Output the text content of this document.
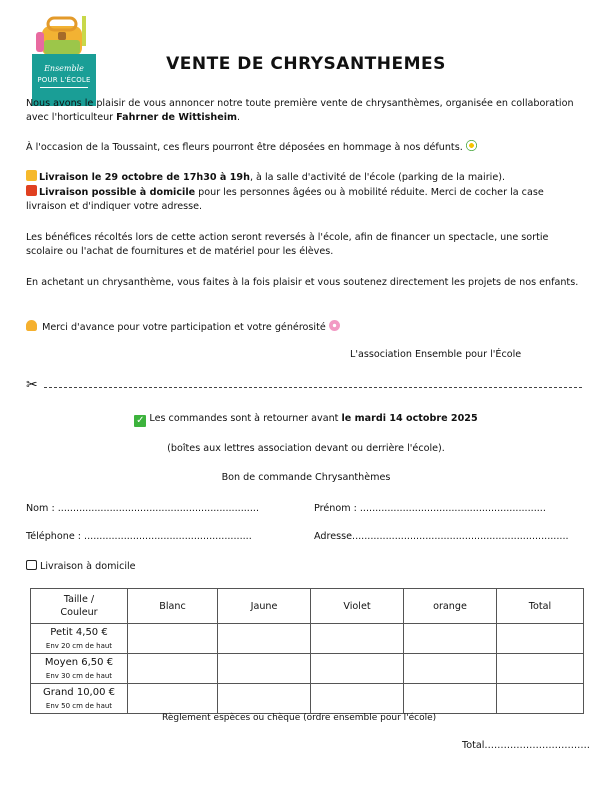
Ensemble
POUR L'ÉCOLE
VENTE DE CHRYSANTHEMES
Nous avons le plaisir de vous annoncer notre toute première vente de chrysanthèmes, organisée en collaboration avec l'horticulteur Fahrner de Wittisheim.
À l'occasion de la Toussaint, ces fleurs pourront être déposées en hommage à nos défunts.
Livraison le 29 octobre de 17h30 à 19h, à la salle d'activité de l'école (parking de la mairie).
Livraison possible à domicile pour les personnes âgées ou à mobilité réduite. Merci de cocher la case livraison et d'indiquer votre adresse.
Les bénéfices récoltés lors de cette action seront reversés à l'école, afin de financer un spectacle, une sortie scolaire ou l'achat de fournitures et de matériel pour les élèves.
En achetant un chrysanthème, vous faites à la fois plaisir et vous soutenez directement les projets de nos enfants.
Merci d'avance pour votre participation et votre générosité
L'association Ensemble pour l'École
✂
✓ Les commandes sont à retourner avant le mardi 14 octobre 2025
(boîtes aux lettres association devant ou derrière l'école).
Bon de commande Chrysanthèmes
Nom : ..................................................................	Prénom : .............................................................
Téléphone : .......................................................	Adresse.......................................................................
Livraison à domicile
Taille /
Couleur	Blanc	Jaune	Violet	orange	Total

Petit 4,50 €
Env 20 cm de haut					

Moyen 6,50 €
Env 30 cm de haut					

Grand 10,00 €
Env 50 cm de haut					

Règlement espèces ou chèque (ordre ensemble pour l'école)
Total……………………………
